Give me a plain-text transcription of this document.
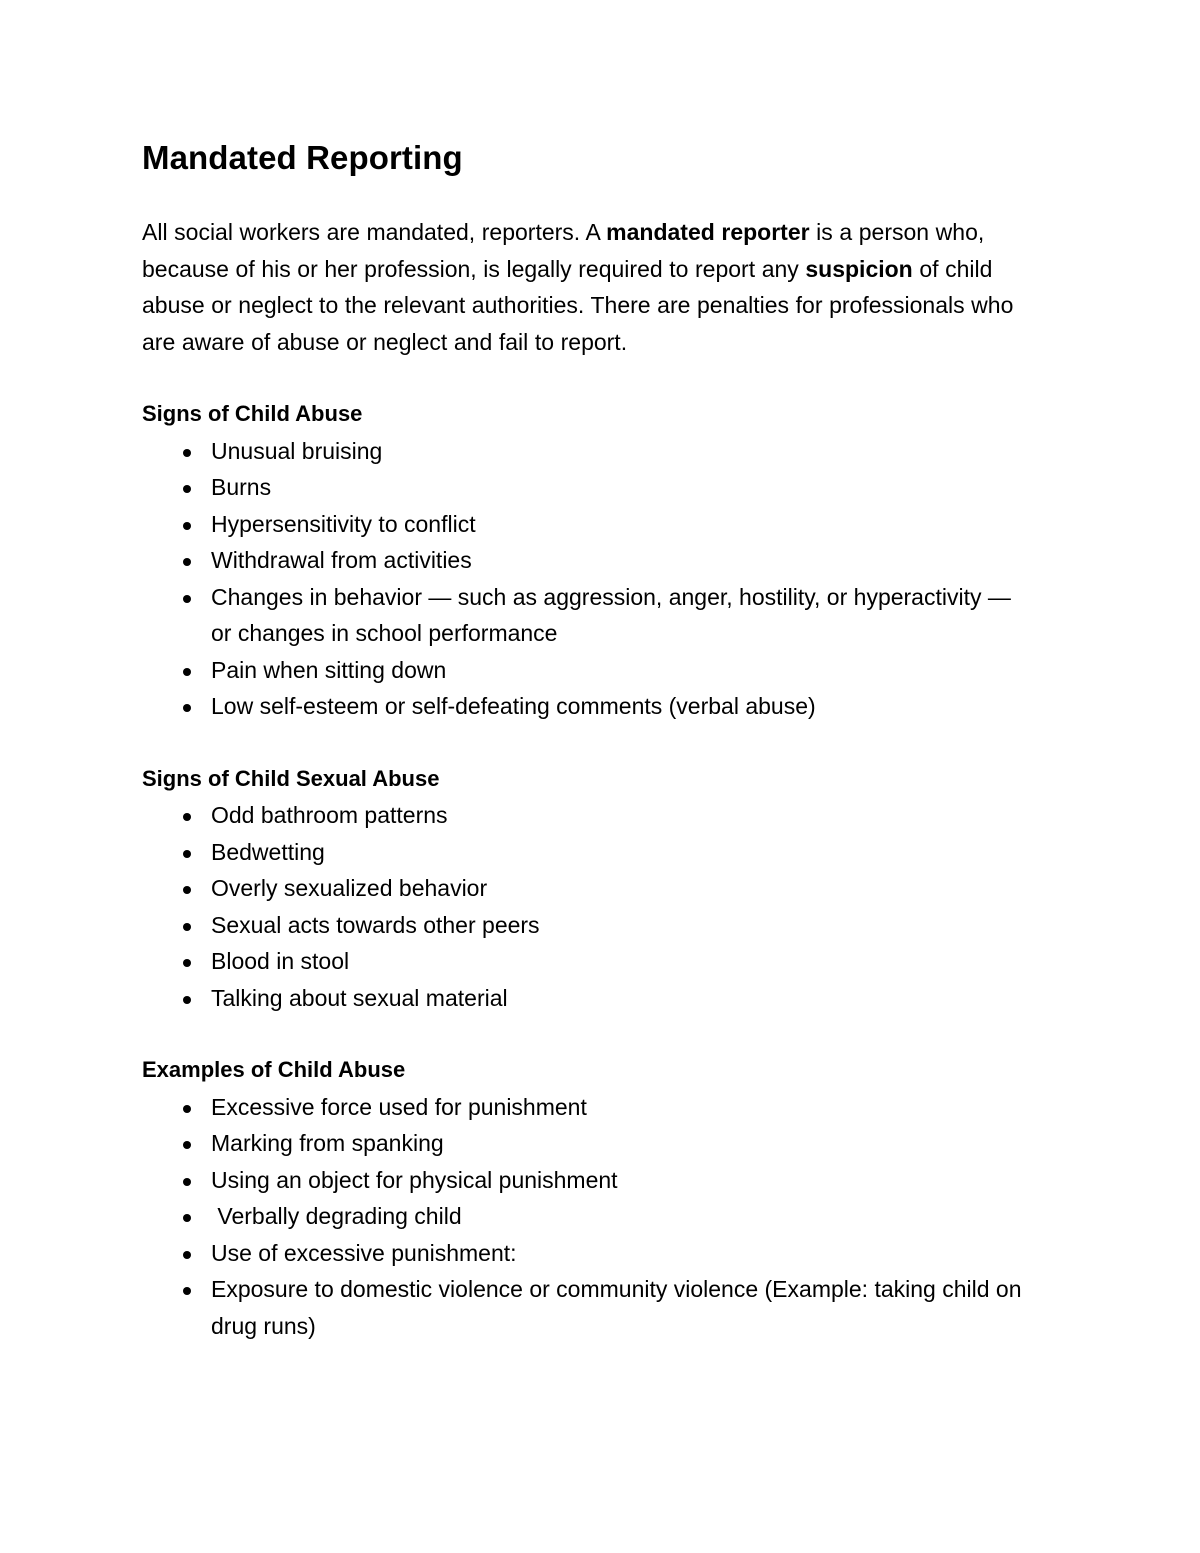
Mandated Reporting

All social workers are mandated, reporters. A mandated reporter is a person who, because of his or her profession, is legally required to report any suspicion of child abuse or neglect to the relevant authorities. There are penalties for professionals who are aware of abuse or neglect and fail to report.

Signs of Child Abuse
Unusual bruising
Burns
Hypersensitivity to conflict
Withdrawal from activities
Changes in behavior — such as aggression, anger, hostility, or hyperactivity — or changes in school performance
Pain when sitting down
Low self-esteem or self-defeating comments (verbal abuse)
Signs of Child Sexual Abuse
Odd bathroom patterns
Bedwetting
Overly sexualized behavior
Sexual acts towards other peers
Blood in stool
Talking about sexual material
Examples of Child Abuse
Excessive force used for punishment
Marking from spanking
Using an object for physical punishment
Verbally degrading child
Use of excessive punishment:
Exposure to domestic violence or community violence (Example: taking child on drug runs)
